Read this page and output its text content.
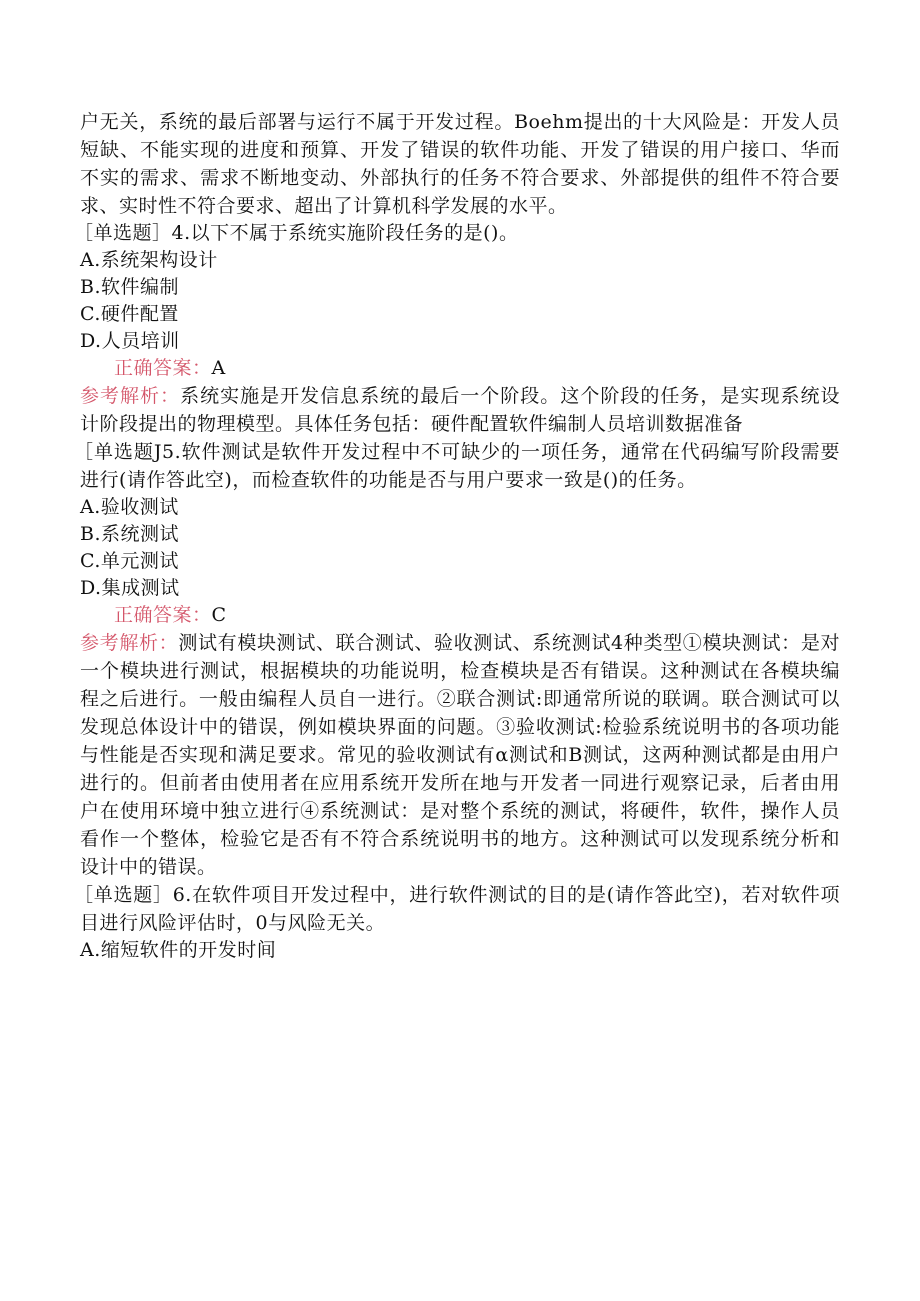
户无关，系统的最后部署与运行不属于开发过程。Boehm提出的十大风险是：开发人员短缺、不能实现的进度和预算、开发了错误的软件功能、开发了错误的用户接口、华而不实的需求、需求不断地变动、外部执行的任务不符合要求、外部提供的组件不符合要求、实时性不符合要求、超出了计算机科学发展的水平。

［单选题］4.以下不属于系统实施阶段任务的是()。

A.系统架构设计

B.软件编制

C.硬件配置

D.人员培训

正确答案：A

参考解析：系统实施是开发信息系统的最后一个阶段。这个阶段的任务，是实现系统设计阶段提出的物理模型。具体任务包括：硬件配置软件编制人员培训数据准备

［单选题J5.软件测试是软件开发过程中不可缺少的一项任务，通常在代码编写阶段需要进行(请作答此空)，而检查软件的功能是否与用户要求一致是()的任务。

A.验收测试

B.系统测试

C.单元测试

D.集成测试

正确答案：C

参考解析：测试有模块测试、联合测试、验收测试、系统测试4种类型①模块测试：是对一个模块进行测试，根据模块的功能说明，检查模块是否有错误。这种测试在各模块编程之后进行。一般由编程人员自一进行。②联合测试:即通常所说的联调。联合测试可以发现总体设计中的错误，例如模块界面的问题。③验收测试:检验系统说明书的各项功能与性能是否实现和满足要求。常见的验收测试有α测试和B测试，这两种测试都是由用户进行的。但前者由使用者在应用系统开发所在地与开发者一同进行观察记录，后者由用户在使用环境中独立进行④系统测试：是对整个系统的测试，将硬件，软件，操作人员看作一个整体，检验它是否有不符合系统说明书的地方。这种测试可以发现系统分析和设计中的错误。

［单选题］6.在软件项目开发过程中，进行软件测试的目的是(请作答此空)，若对软件项目进行风险评估时，0与风险无关。

A.缩短软件的开发时间
